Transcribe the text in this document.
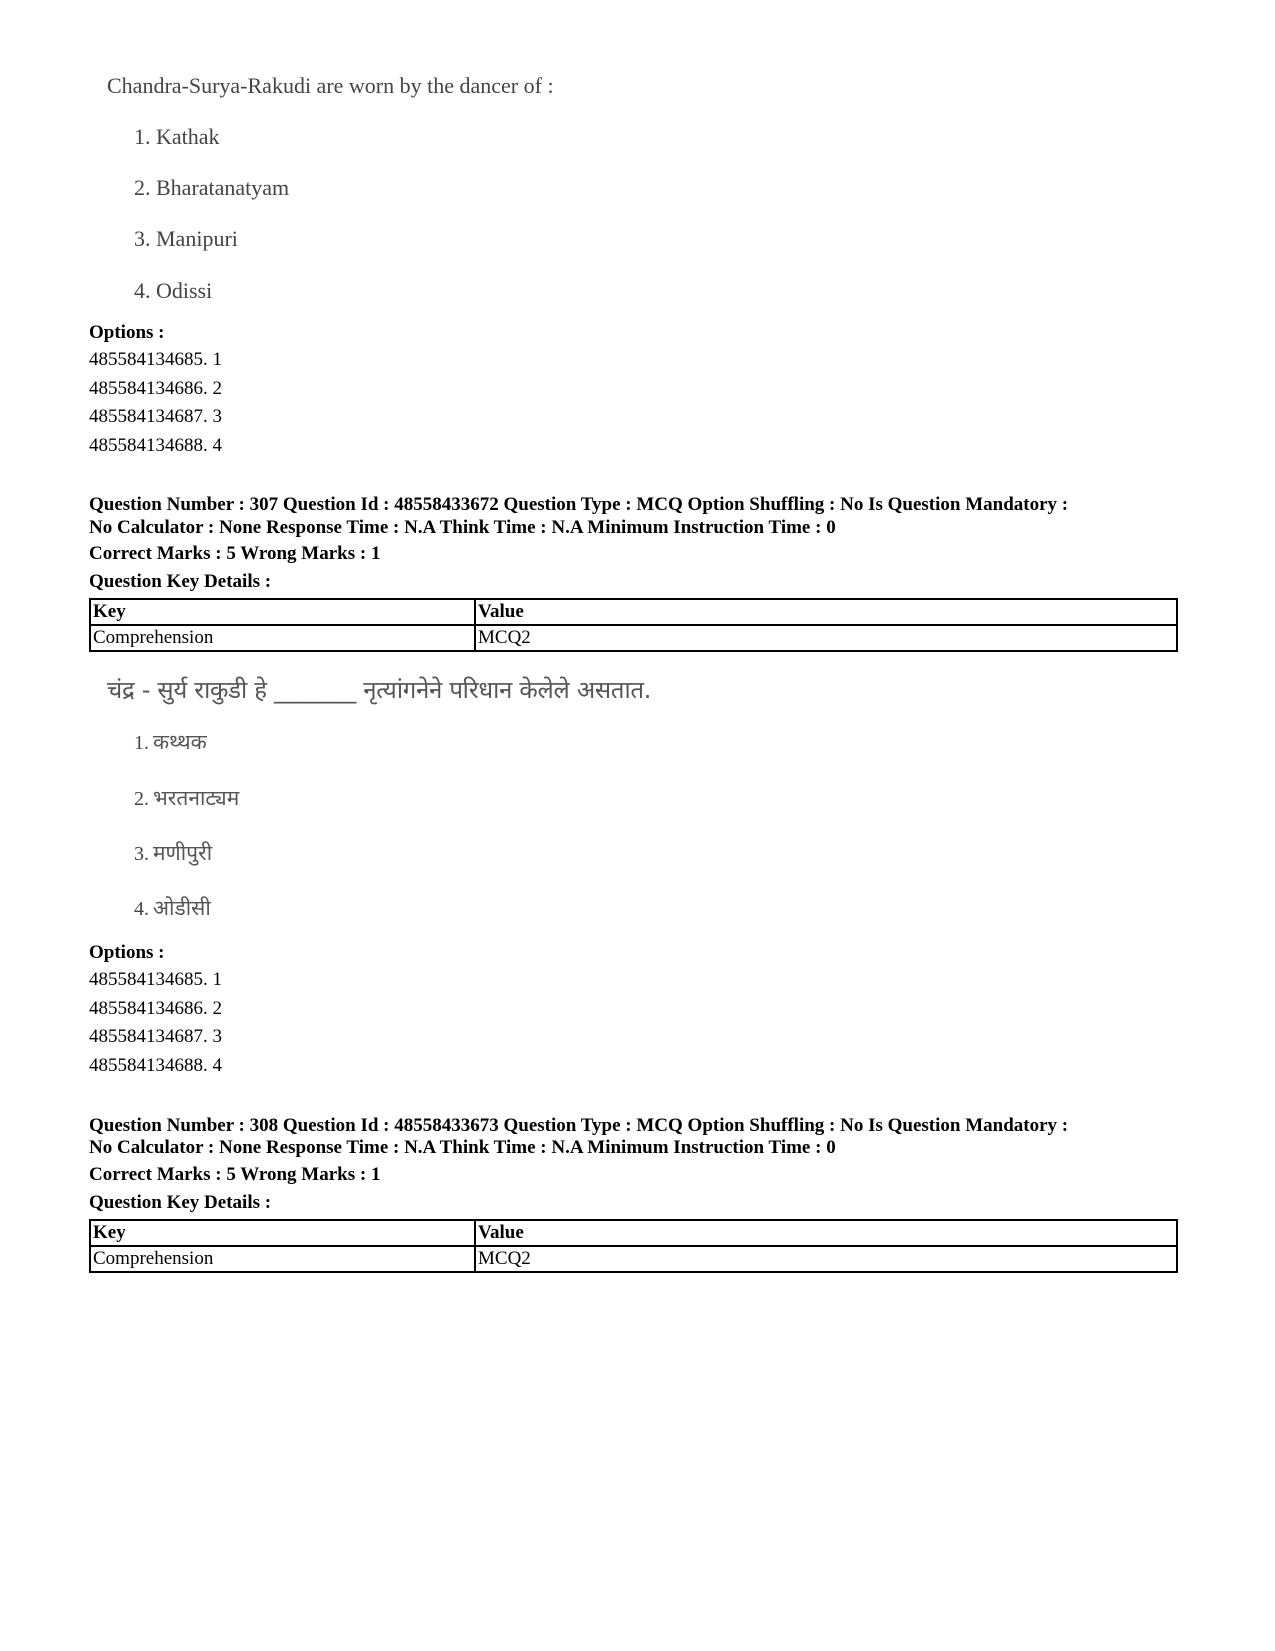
Chandra-Surya-Rakudi are worn by the dancer of :
1. Kathak
2. Bharatanatyam
3. Manipuri
4. Odissi
Options :
485584134685. 1
485584134686. 2
485584134687. 3
485584134688. 4
Question Number : 307 Question Id : 48558433672 Question Type : MCQ Option Shuffling : No Is Question Mandatory :
No Calculator : None Response Time : N.A Think Time : N.A Minimum Instruction Time : 0
Correct Marks : 5 Wrong Marks : 1
Question Key Details :
Key	Value
Comprehension	MCQ2
चंद्र - सुर्य राकुडी हे _______ नृत्यांगनेने परिधान केलेले असतात.
1. कथ्थक
2. भरतनाट्यम
3. मणीपुरी
4. ओडीसी
Options :
485584134685. 1
485584134686. 2
485584134687. 3
485584134688. 4
Question Number : 308 Question Id : 48558433673 Question Type : MCQ Option Shuffling : No Is Question Mandatory :
No Calculator : None Response Time : N.A Think Time : N.A Minimum Instruction Time : 0
Correct Marks : 5 Wrong Marks : 1
Question Key Details :
Key	Value
Comprehension	MCQ2
